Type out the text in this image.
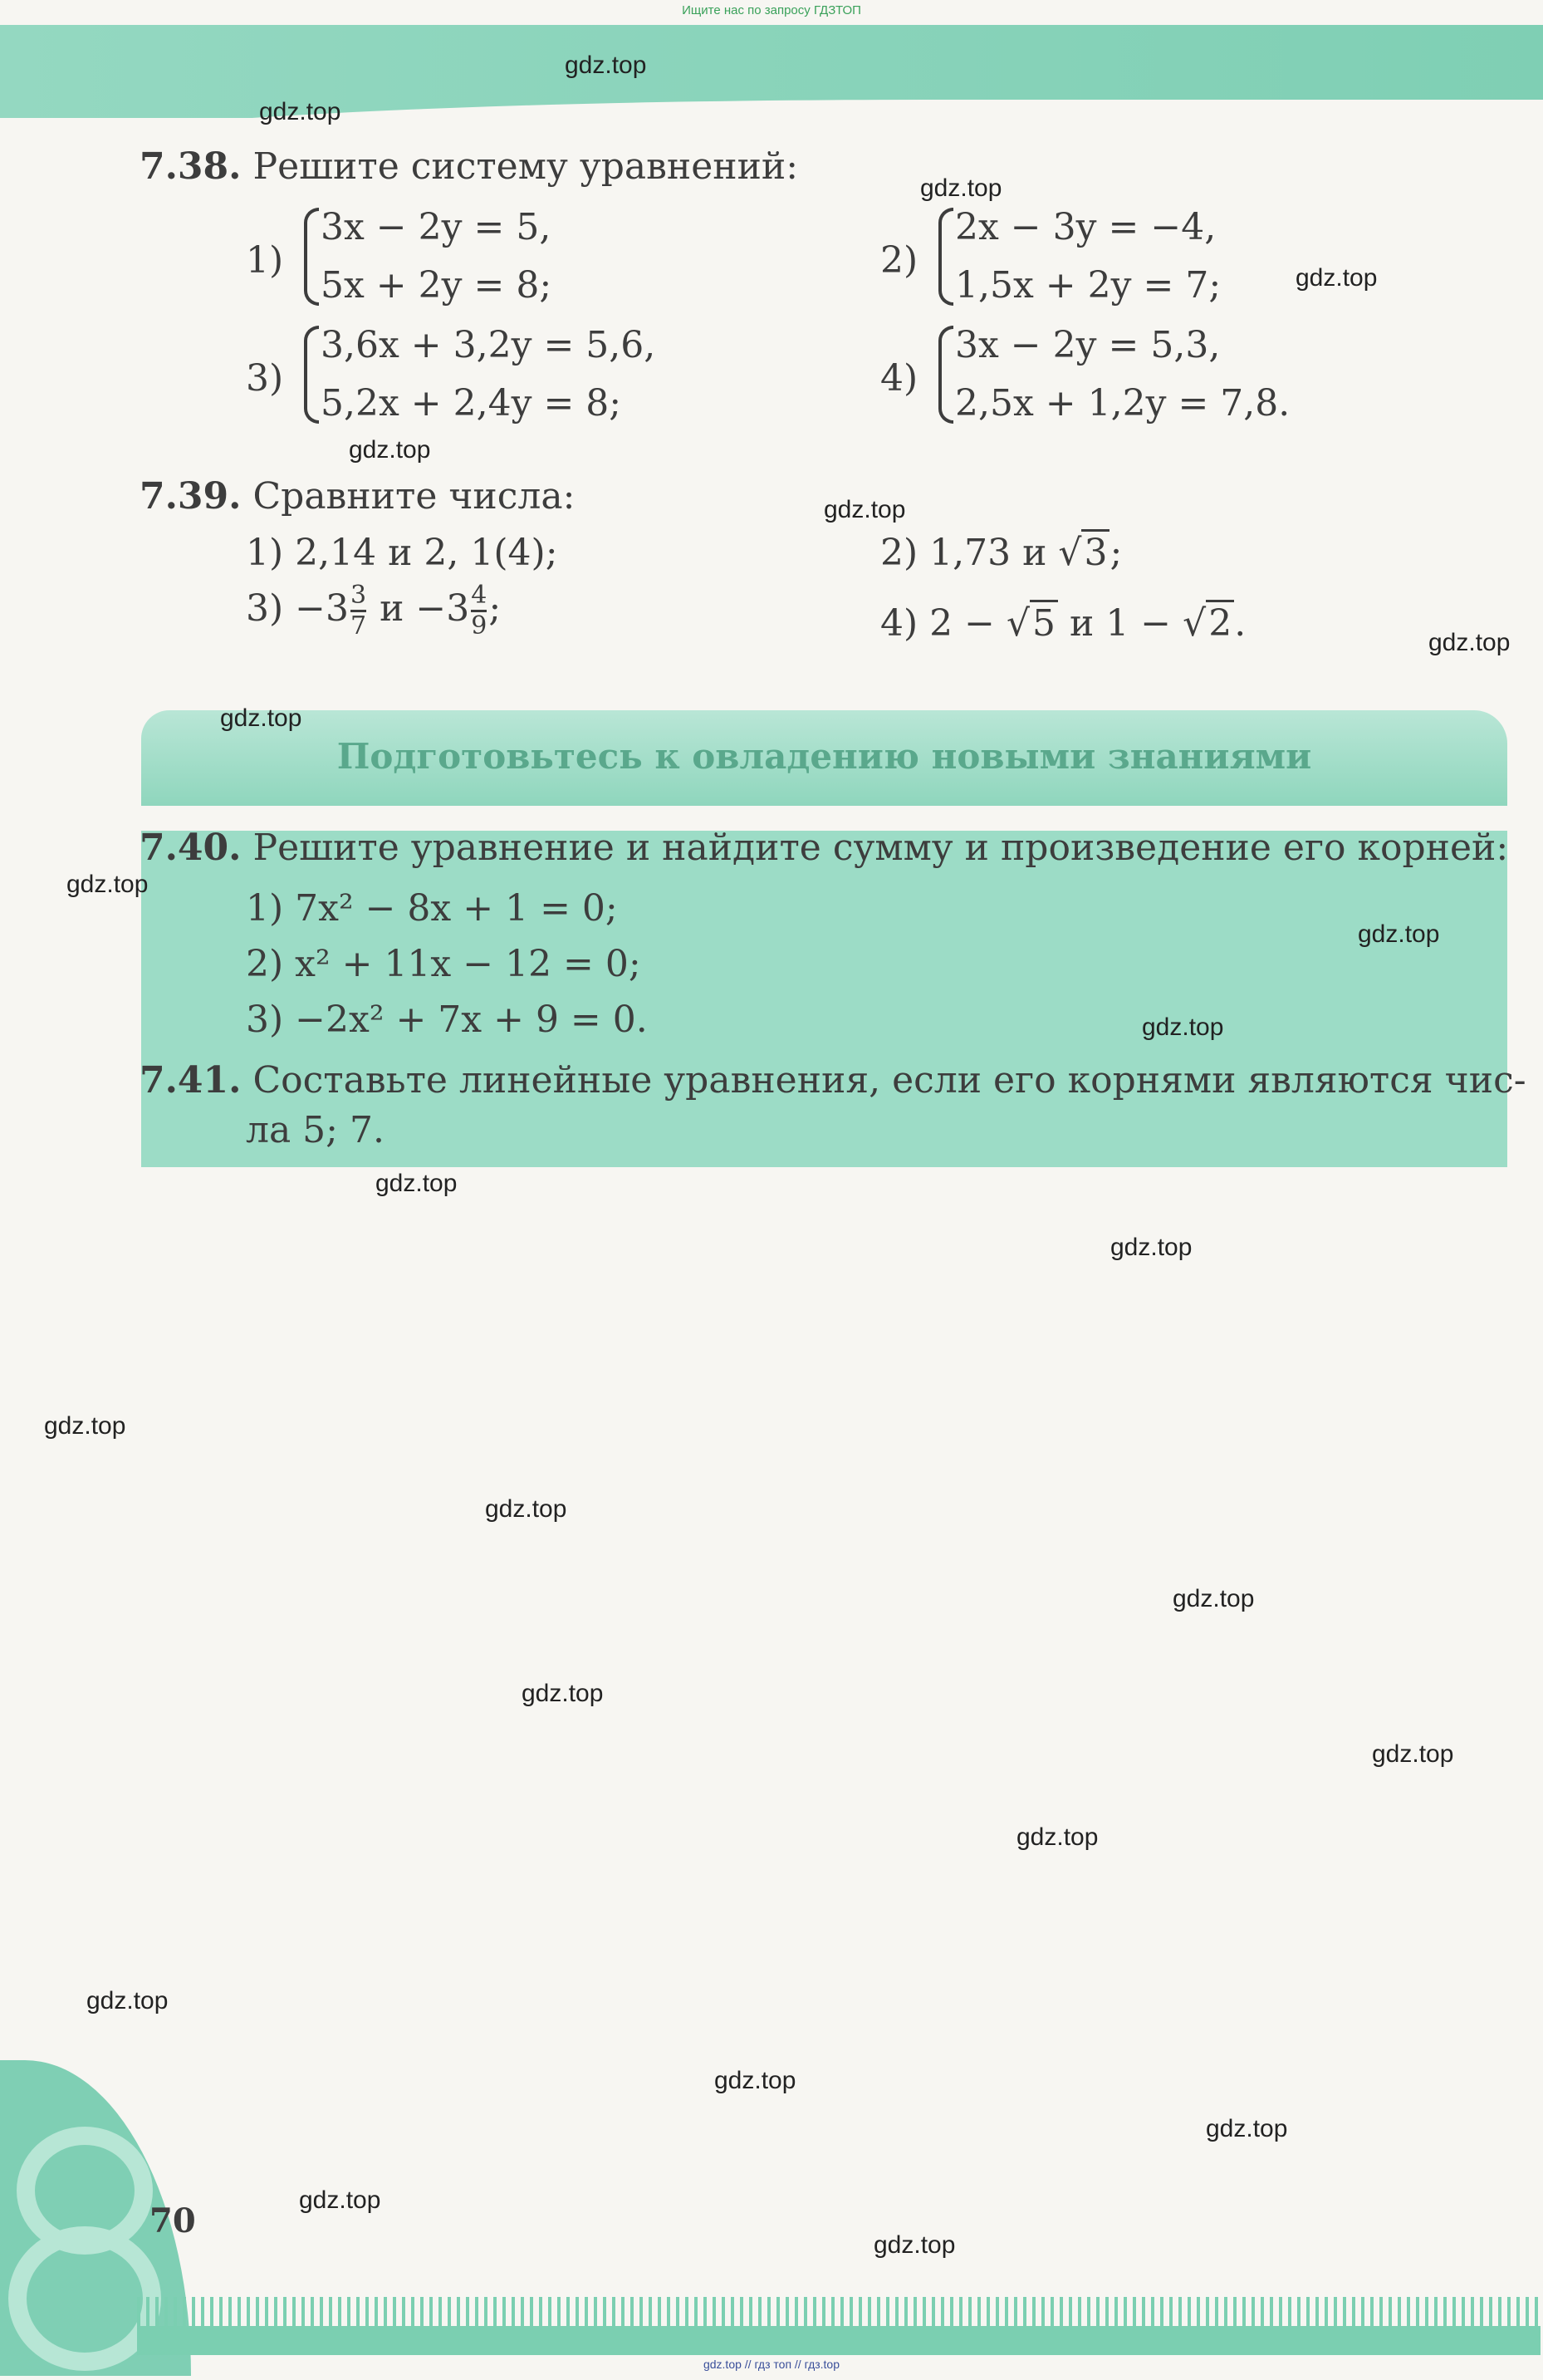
Ищите нас по запросу ГДЗТОП
7.38. Решите систему уравнений:
1)
3x − 2y = 5,
5x + 2y = 8;
2)
2x − 3y = −4,
1,5x + 2y = 7;
3)
3,6x + 3,2y = 5,6,
5,2x + 2,4y = 8;
4)
3x − 2y = 5,3,
2,5x + 1,2y = 7,8.
7.39. Сравните числа:
1) 2,14 и 2, 1(4);	2) 1,73 и √3;
$3) -3 \frac{3}{7}$ $и -3 \frac{4}{9}$ ;	4) 2 − √5 и 1 − √2.
Подготовьтесь к овладению новыми знаниями
7.40. Решите уравнение и найдите сумму и произведение его корней:
1) 7x² − 8x + 1 = 0;
2) x² + 11x − 12 = 0;
3) −2x² + 7x + 9 = 0.
7.41. Составьте линейные уравнения, если его корнями являются чис-
ла 5; 7.
gdz.top
gdz.top
gdz.top
gdz.top
gdz.top
gdz.top
gdz.top
gdz.top
gdz.top
gdz.top
gdz.top
gdz.top
gdz.top
gdz.top
gdz.top
gdz.top
gdz.top
gdz.top
gdz.top
gdz.top
gdz.top
gdz.top
gdz.top
gdz.top
70
gdz.top // гдз топ // гдз.top
